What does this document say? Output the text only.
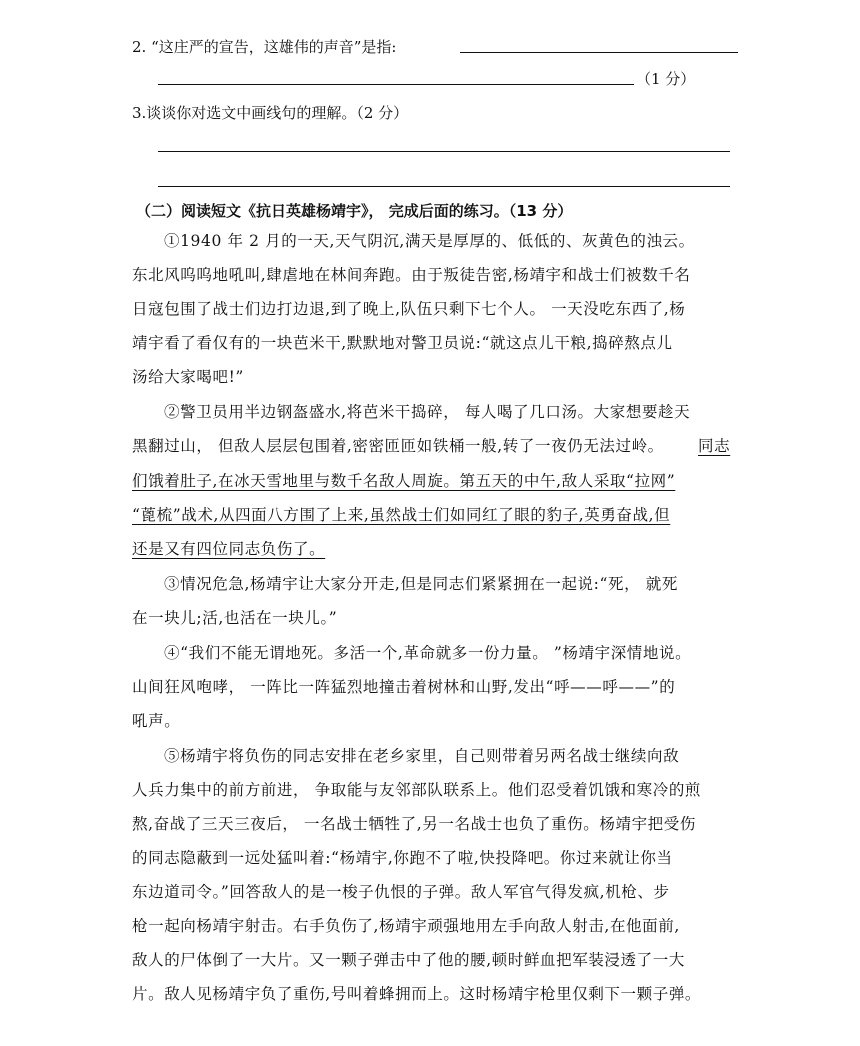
2. “这庄严的宣告，这雄伟的声音”是指:
（1 分）
3.谈谈你对选文中画线句的理解。（2 分）
（二）阅读短文《抗日英雄杨靖宇》， 完成后面的练习。（13 分）
①1940 年 2 月的一天,天气阴沉,满天是厚厚的、低低的、灰黄色的浊云。
东北风呜呜地吼叫,肆虐地在林间奔跑。由于叛徒告密,杨靖宇和战士们被数千名
日寇包围了战士们边打边退,到了晚上,队伍只剩下七个人。 一天没吃东西了,杨
靖宇看了看仅有的一块芭米干,默默地对警卫员说:“就这点儿干粮,捣碎熬点儿
汤给大家喝吧!”
②警卫员用半边钢盔盛水,将芭米干捣碎， 每人喝了几口汤。大家想要趁天
黑翻过山， 但敌人层层包围着,密密匝匝如铁桶一般,转了一夜仍无法过岭。 同志
们饿着肚子,在冰天雪地里与数千名敌人周旋。第五天的中午,敌人采取“拉网”
“蓖梳”战术,从四面八方围了上来,虽然战士们如同红了眼的豹子,英勇奋战,但
还是又有四位同志负伤了。
③情况危急,杨靖宇让大家分开走,但是同志们紧紧拥在一起说:“死， 就死
在一块儿;活,也活在一块儿。”
④“我们不能无谓地死。多活一个,革命就多一份力量。 ”杨靖宇深情地说。
山间狂风咆哮， 一阵比一阵猛烈地撞击着树林和山野,发出“呼——呼——”的
吼声。
⑤杨靖宇将负伤的同志安排在老乡家里，自己则带着另两名战士继续向敌
人兵力集中的前方前进， 争取能与友邻部队联系上。他们忍受着饥饿和寒冷的煎
熬,奋战了三天三夜后， 一名战士牺牲了,另一名战士也负了重伤。杨靖宇把受伤
的同志隐蔽到一远处猛叫着:“杨靖宇,你跑不了啦,快投降吧。你过来就让你当
东边道司令。”回答敌人的是一梭子仇恨的子弹。敌人军官气得发疯,机枪、步
枪一起向杨靖宇射击。右手负伤了,杨靖宇顽强地用左手向敌人射击,在他面前,
敌人的尸体倒了一大片。又一颗子弹击中了他的腰,顿时鲜血把军装浸透了一大
片。敌人见杨靖宇负了重伤,号叫着蜂拥而上。这时杨靖宇枪里仅剩下一颗子弹。
